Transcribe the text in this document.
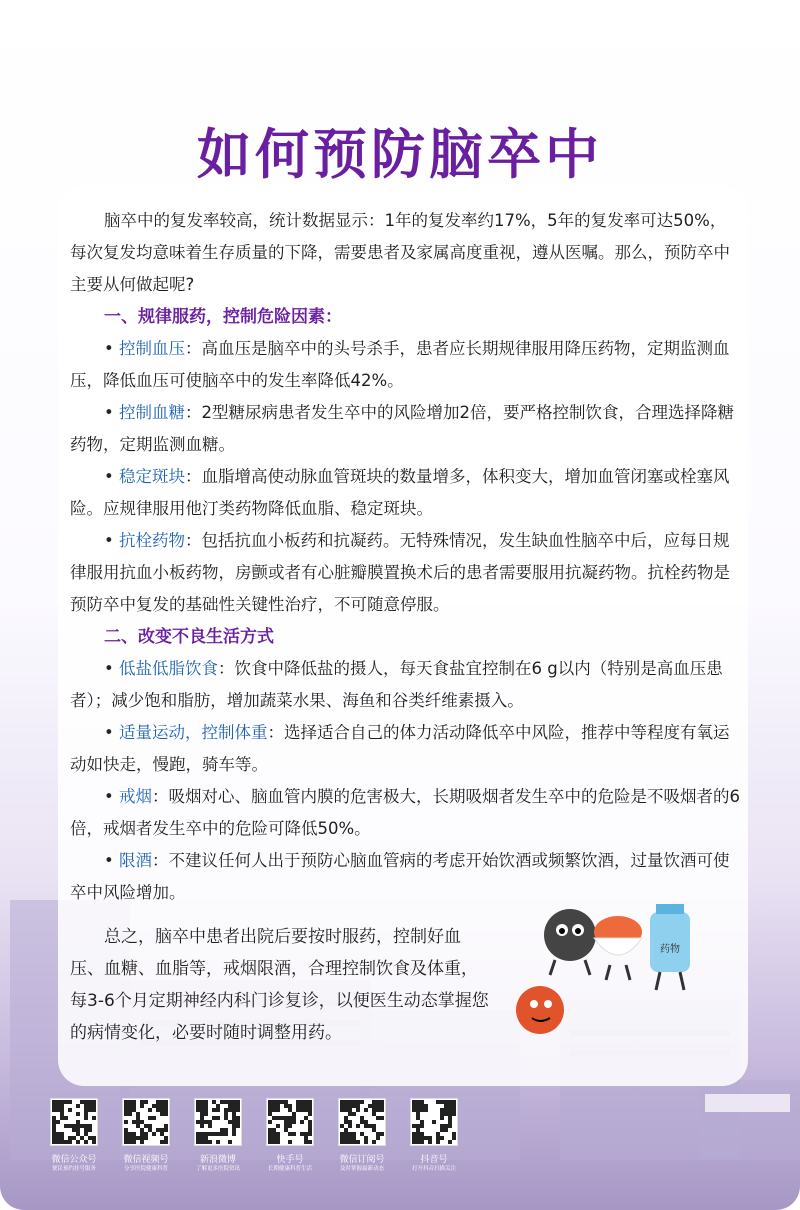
如何预防脑卒中

脑卒中的复发率较高，统计数据显示：1年的复发率约17%，5年的复发率可达50%，每次复发均意味着生存质量的下降，需要患者及家属高度重视，遵从医嘱。那么，预防卒中主要从何做起呢?

一、规律服药，控制危险因素：

• 控制血压：高血压是脑卒中的头号杀手，患者应长期规律服用降压药物，定期监测血压，降低血压可使脑卒中的发生率降低42%。

• 控制血糖：2型糖尿病患者发生卒中的风险增加2倍，要严格控制饮食，合理选择降糖药物，定期监测血糖。

• 稳定斑块：血脂增高使动脉血管斑块的数量增多，体积变大，增加血管闭塞或栓塞风险。应规律服用他汀类药物降低血脂、稳定斑块。

• 抗栓药物：包括抗血小板药和抗凝药。无特殊情况，发生缺血性脑卒中后，应每日规律服用抗血小板药物，房颤或者有心脏瓣膜置换术后的患者需要服用抗凝药物。抗栓药物是预防卒中复发的基础性关键性治疗，不可随意停服。

二、改变不良生活方式

• 低盐低脂饮食：饮食中降低盐的摄人，每天食盐宜控制在6 g以内（特别是高血压患者）；减少饱和脂肪，增加蔬菜水果、海鱼和谷类纤维素摄入。

• 适量运动，控制体重：选择适合自己的体力活动降低卒中风险，推荐中等程度有氧运动如快走，慢跑，骑车等。

• 戒烟：吸烟对心、脑血管内膜的危害极大，长期吸烟者发生卒中的危险是不吸烟者的6倍，戒烟者发生卒中的危险可降低50%。

• 限酒：不建议任何人出于预防心脑血管病的考虑开始饮酒或频繁饮酒，过量饮酒可使卒中风险增加。

总之，脑卒中患者出院后要按时服药，控制好血压、血糖、血脂等，戒烟限酒，合理控制饮食及体重，每3-6个月定期神经内科门诊复诊，以便医生动态掌握您的病情变化，必要时随时调整用药。

药物
微信公众号
便民预约挂号服务
微信视频号
分享医院健康科普
新浪微博
了解更多医院资讯
快手号
长期健康科普生活
微信订阅号
及时掌握最新动态
抖音号
打开抖音扫描关注
